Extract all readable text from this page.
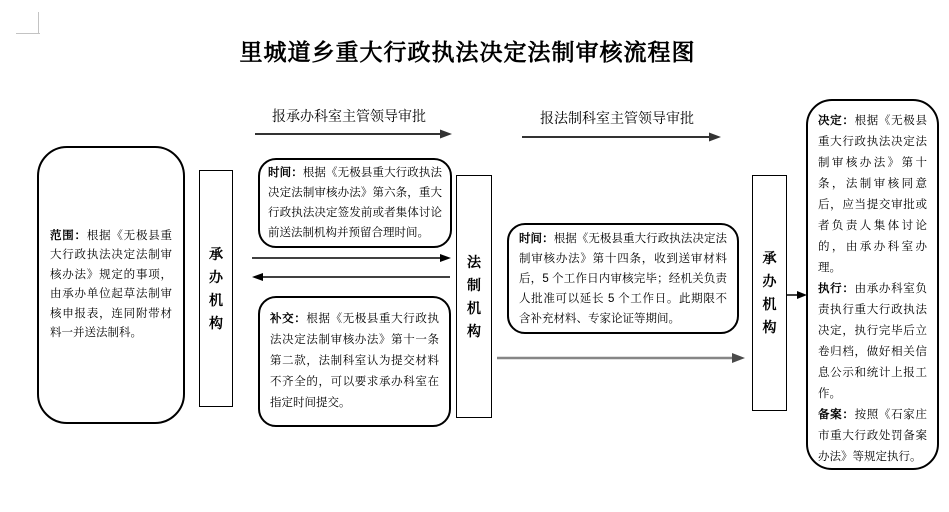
里城道乡重大行政执法决定法制审核流程图
报承办科室主管领导审批	报法制科室主管领导审批

范围：根据《无极县重大行政执法决定法制审核办法》规定的事项，由承办单位起草法制审核申报表，连同附带材料一并送法制科。

承办机构

时间：根据《无极县重大行政执法决定法制审核办法》第六条，重大行政执法决定签发前或者集体讨论前送法制机构并预留合理时间。

补交：根据《无极县重大行政执法决定法制审核办法》第十一条第二款，法制科室认为提交材料不齐全的，可以要求承办科室在指定时间提交。

法制机构

时间：根据《无极县重大行政执法决定法制审核办法》第十四条，收到送审材料后，5 个工作日内审核完毕；经机关负责人批准可以延长 5 个工作日。此期限不含补充材料、专家论证等期间。

承办机构

决定：根据《无极县重大行政执法决定法制审核办法》第十条，法制审核同意后，应当提交审批或者负责人集体讨论的，由承办科室办理。

执行：由承办科室负责执行重大行政执法决定，执行完毕后立卷归档，做好相关信息公示和统计上报工作。

备案：按照《石家庄市重大行政处罚备案办法》等规定执行。
